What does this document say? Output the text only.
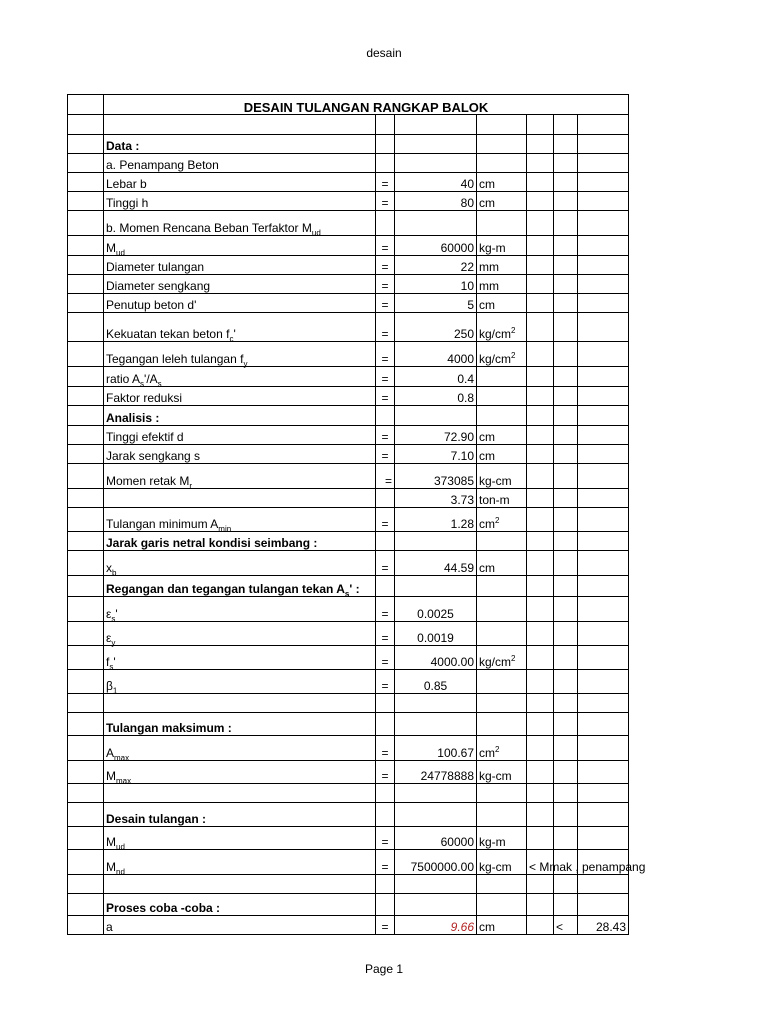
desain
	DESAIN TULANGAN RANGKAP BALOK						

	Data :						
	a. Penampang Beton						
	Lebar b	=	40	cm			
	Tinggi h	=	80	cm			
	b. Momen Rencana Beban Terfaktor $M_{ud}$						
	$M_{ud}$	=	60000	kg-m			
	Diameter tulangan	=	22	mm			
	Diameter sengkang	=	10	mm			
	Penutup beton d'	=	5	cm			
	Kekuatan tekan beton $f_c'$	=	250	$kg/cm^2$			
	Tegangan leleh tulangan $f_y$	=	4000	$kg/cm^2$			
	ratio $A_s'/A_s$	=	0.4				
	Faktor reduksi	=	0.8				
	Analisis :						
	Tinggi efektif d	=	72.90	cm			
	Jarak sengkang s	=	7.10	cm			
	Momen retak $M_r$	=	373085	kg-cm			
			3.73	ton-m			
	Tulangan minimum $A_{min}$	=	1.28	$cm^2$			
	Jarak garis netral kondisi seimbang :						
	$x_b$	=	44.59	cm			
	Regangan dan tegangan tulangan tekan $A_s'$ :						
	$\varepsilon_s'$	=	0.0025				
	$\varepsilon_y$	=	0.0019				
	$f_s'$	=	4000.00	$kg/cm^2$			
	$\beta_1$	=	0.85				

	Tulangan maksimum :						
	$A_{max}$	=	100.67	$cm^2$			
	$M_{max}$	=	24778888	kg-cm			

	Desain tulangan :						
	$M_{ud}$	=	60000	kg-m			
	$M_{nd}$	=	7500000.00	kg-cm	< Mmak , penampang		

	Proses coba -coba :						
	a	=	9.66	cm		<	28.43
Page 1
